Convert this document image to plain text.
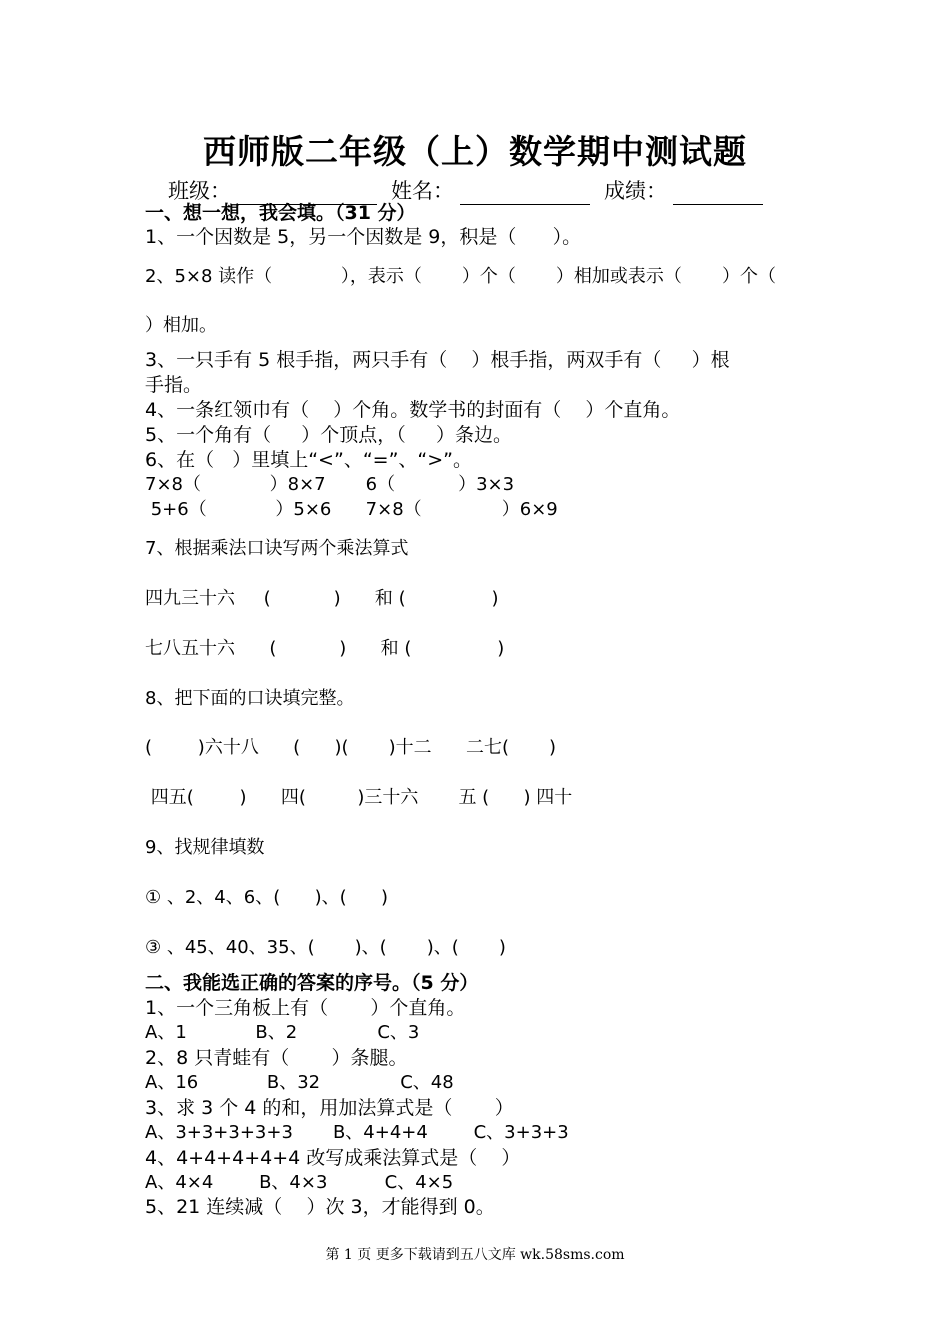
西师版二年级（上）数学期中测试题
班级：	姓名：	成绩：
一、想一想，我会填。（31 分）
1、一个因数是 5，另一个因数是 9，积是（      ）。
2、5×8 读作（            ），表示（       ）个（       ）相加或表示（       ）个（
）相加。
3、一只手有 5 根手指，两只手有（    ）根手指，两双手有（     ）根
手指。
4、一条红领巾有（    ）个角。数学书的封面有（    ）个直角。
5、一个角有（     ）个顶点，（     ）条边。
6、在（   ）里填上“<”、“=”、“>”。
7×8（            ）8×7       6（           ）3×3
5+6（            ）5×6      7×8（              ）6×9
7、根据乘法口诀写两个乘法算式
四九三十六     (           )      和 (               )
七八五十六      (           )      和 (               )
8、把下面的口诀填完整。
(        )六十八      (      )(       )十二      二七(       )
四五(        )      四(         )三十六       五 (      ) 四十
9、找规律填数
① 、2、4、6、(      )、(      )
③ 、45、40、35、(       )、(       )、(       )
二、我能选正确的答案的序号。（5 分）
1、一个三角板上有（       ）个直角。
A、1            B、2              C、3
2、8 只青蛙有（       ）条腿。
A、16            B、32              C、48
3、求 3 个 4 的和，用加法算式是（       ）
A、3+3+3+3+3       B、4+4+4        C、3+3+3
4、4+4+4+4+4 改写成乘法算式是（    ）
A、4×4        B、4×3          C、4×5
5、21 连续减（    ）次 3，才能得到 0。
第 1 页 更多下载请到五八文库 wk.58sms.com
